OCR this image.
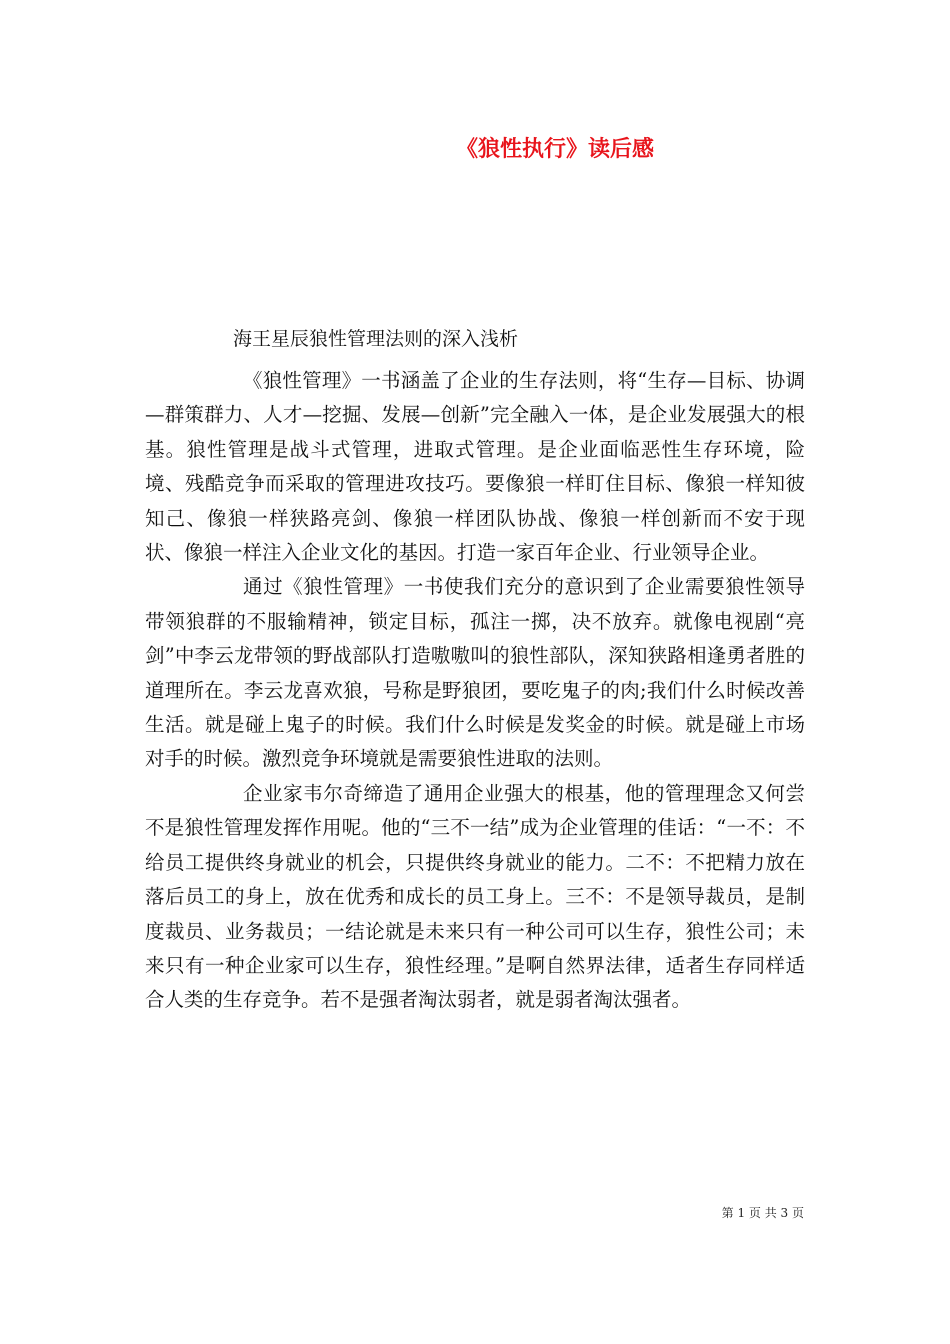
《狼性执行》读后感
海王星辰狼性管理法则的深入浅析

《狼性管理》一书涵盖了企业的生存法则，将“生存—目标、协调—群策群力、人才—挖掘、发展—创新”完全融入一体，是企业发展强大的根基。狼性管理是战斗式管理，进取式管理。是企业面临恶性生存环境，险境、残酷竞争而采取的管理进攻技巧。要像狼一样盯住目标、像狼一样知彼知己、像狼一样狭路亮剑、像狼一样团队协战、像狼一样创新而不安于现状、像狼一样注入企业文化的基因。打造一家百年企业、行业领导企业。

通过《狼性管理》一书使我们充分的意识到了企业需要狼性领导带领狼群的不服输精神，锁定目标，孤注一掷，决不放弃。就像电视剧“亮剑”中李云龙带领的野战部队打造嗷嗷叫的狼性部队，深知狭路相逢勇者胜的道理所在。李云龙喜欢狼，号称是野狼团，要吃鬼子的肉;我们什么时候改善生活。就是碰上鬼子的时候。我们什么时候是发奖金的时候。就是碰上市场对手的时候。激烈竞争环境就是需要狼性进取的法则。

企业家韦尔奇缔造了通用企业强大的根基，他的管理理念又何尝不是狼性管理发挥作用呢。他的“三不一结”成为企业管理的佳话：“一不：不给员工提供终身就业的机会，只提供终身就业的能力。二不：不把精力放在落后员工的身上，放在优秀和成长的员工身上。三不：不是领导裁员，是制度裁员、业务裁员；一结论就是未来只有一种公司可以生存，狼性公司；未来只有一种企业家可以生存，狼性经理。”是啊自然界法律，适者生存同样适合人类的生存竞争。若不是强者淘汰弱者，就是弱者淘汰强者。

第 1 页 共 3 页
